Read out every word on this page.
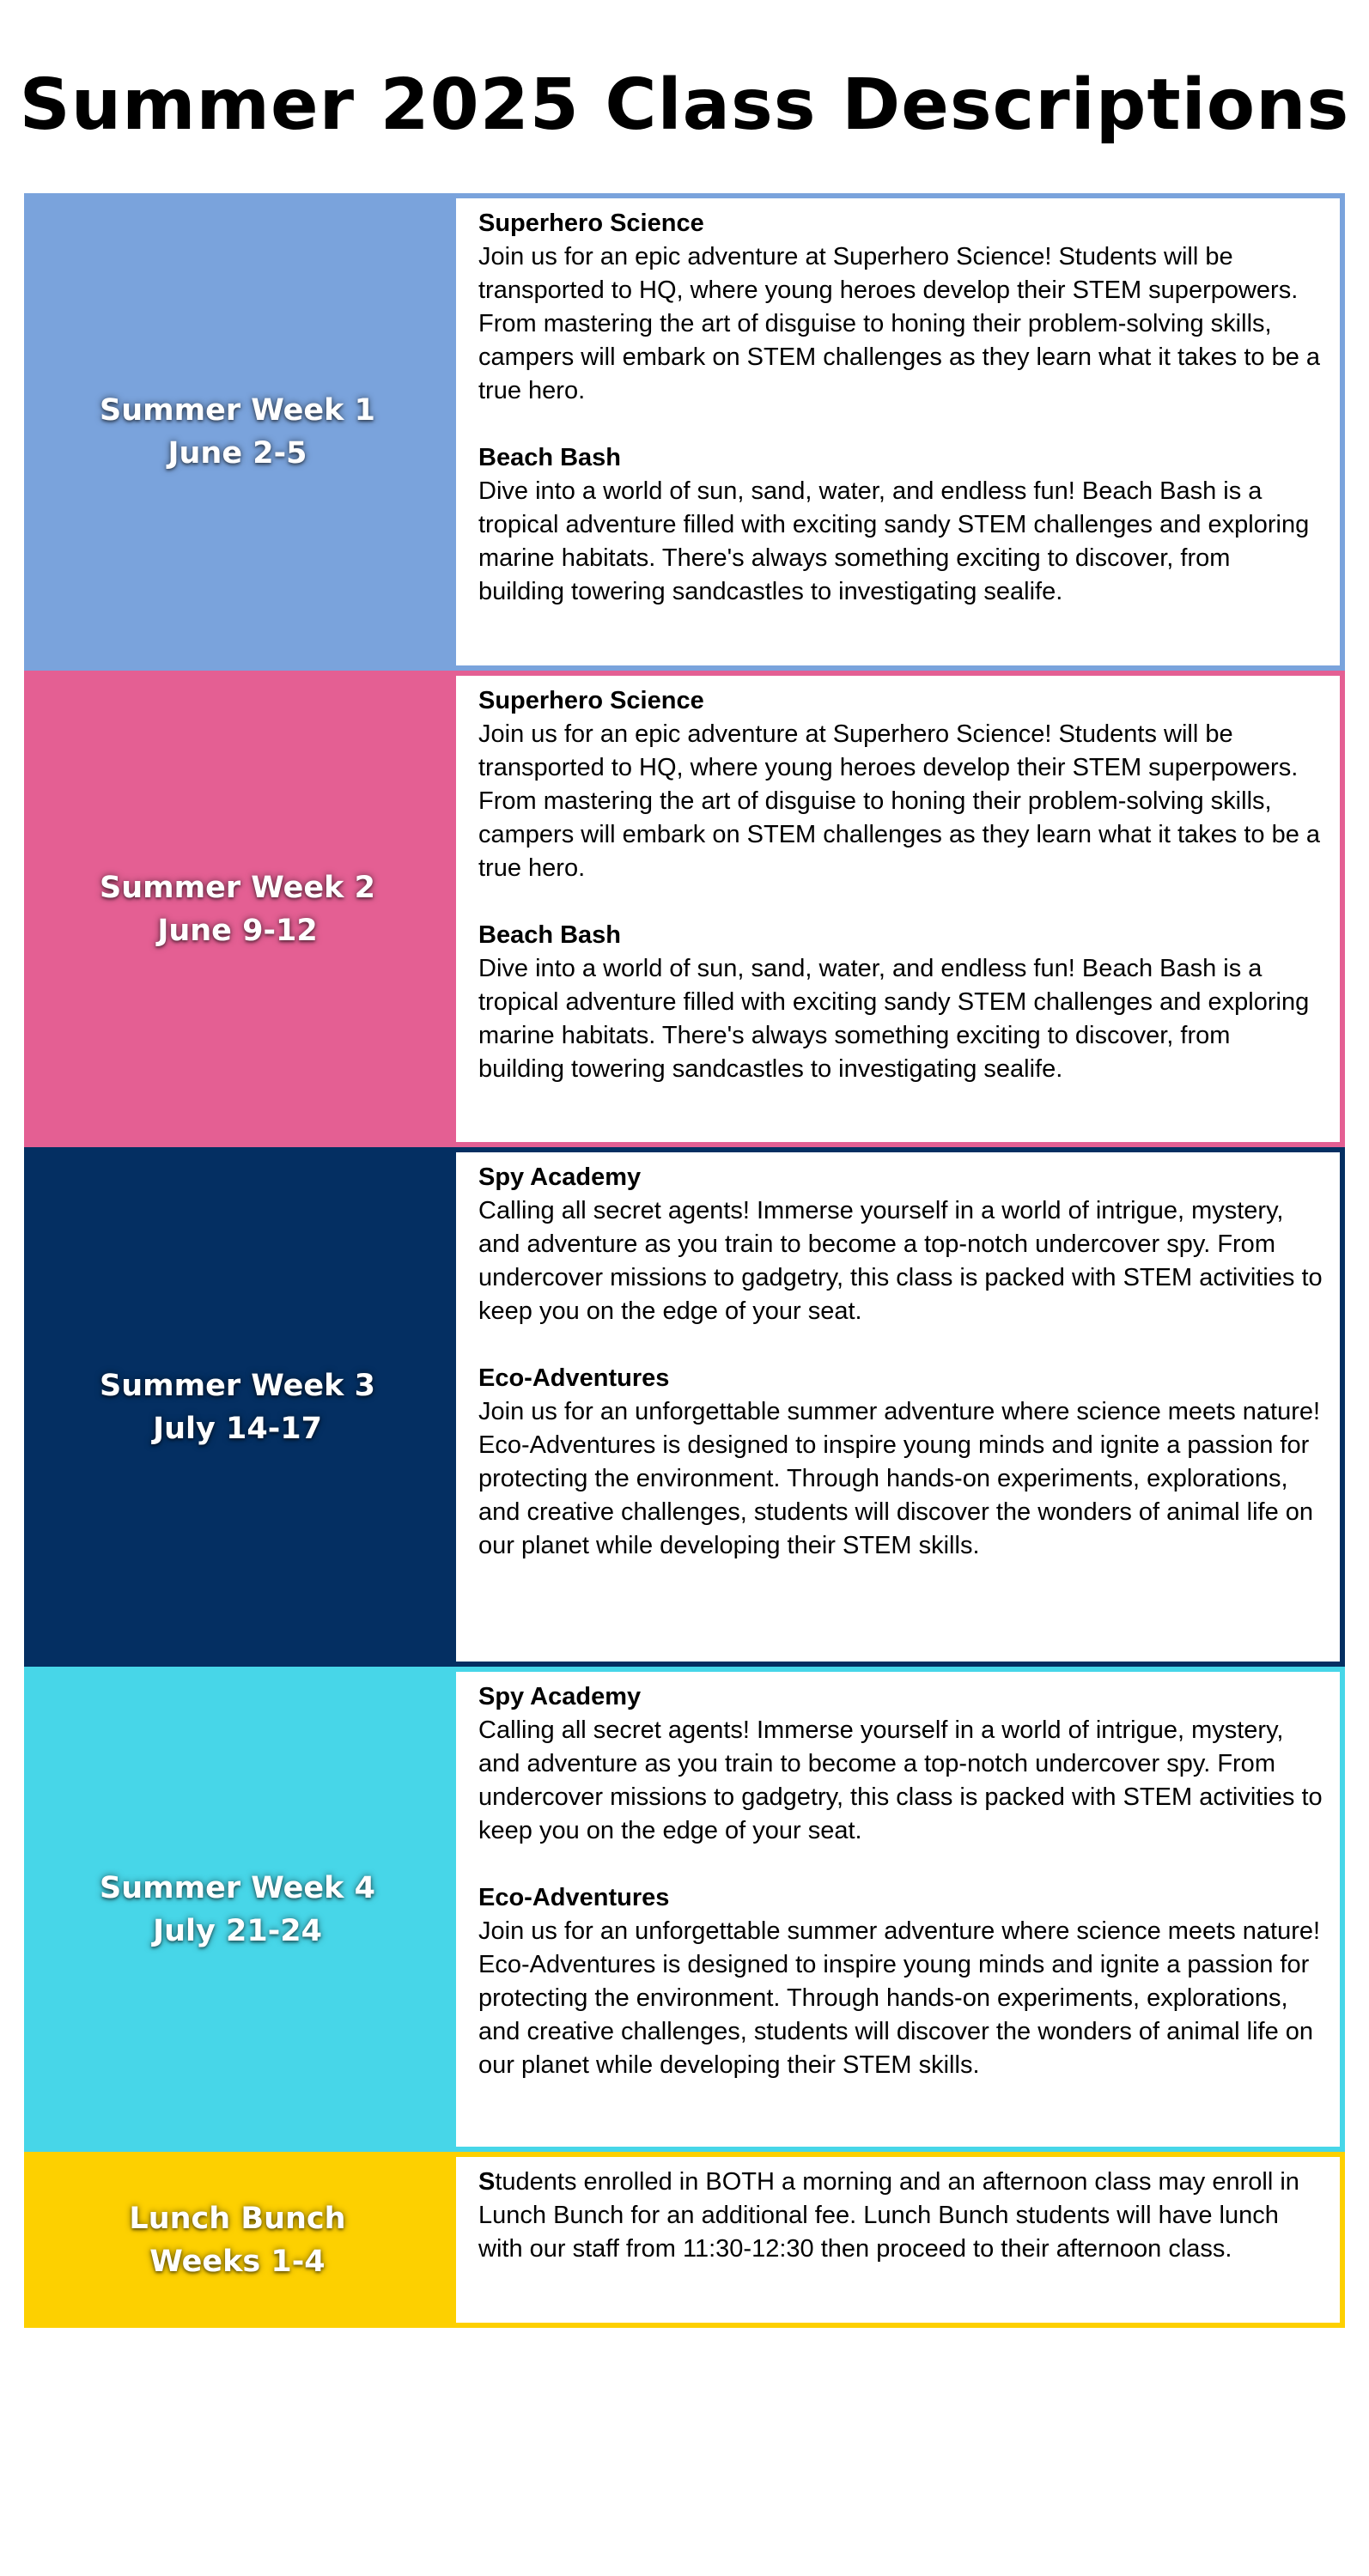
Summer 2025 Class Descriptions
Summer Week 1
June 2-5
Superhero Science
Join us for an epic adventure at Superhero Science! Students will be transported to HQ, where young heroes develop their STEM superpowers. From mastering the art of disguise to honing their problem-solving skills, campers will embark on STEM challenges as they learn what it takes to be a true hero.
Beach Bash
Dive into a world of sun, sand, water, and endless fun! Beach Bash is a tropical adventure filled with exciting sandy STEM challenges and exploring marine habitats. There's always something exciting to discover, from building towering sandcastles to investigating sealife.
Summer Week 2
June 9-12
Superhero Science
Join us for an epic adventure at Superhero Science! Students will be transported to HQ, where young heroes develop their STEM superpowers. From mastering the art of disguise to honing their problem-solving skills, campers will embark on STEM challenges as they learn what it takes to be a true hero.
Beach Bash
Dive into a world of sun, sand, water, and endless fun! Beach Bash is a tropical adventure filled with exciting sandy STEM challenges and exploring marine habitats. There's always something exciting to discover, from building towering sandcastles to investigating sealife.
Summer Week 3
July 14-17
Spy Academy
Calling all secret agents! Immerse yourself in a world of intrigue, mystery, and adventure as you train to become a top-notch undercover spy. From undercover missions to gadgetry, this class is packed with STEM activities to keep you on the edge of your seat.
Eco-Adventures
Join us for an unforgettable summer adventure where science meets nature! Eco-Adventures is designed to inspire young minds and ignite a passion for protecting the environment. Through hands-on experiments, explorations, and creative challenges, students will discover the wonders of animal life on our planet while developing their STEM skills.
Summer Week 4
July 21-24
Spy Academy
Calling all secret agents! Immerse yourself in a world of intrigue, mystery, and adventure as you train to become a top-notch undercover spy. From undercover missions to gadgetry, this class is packed with STEM activities to keep you on the edge of your seat.
Eco-Adventures
Join us for an unforgettable summer adventure where science meets nature! Eco-Adventures is designed to inspire young minds and ignite a passion for protecting the environment. Through hands-on experiments, explorations, and creative challenges, students will discover the wonders of animal life on our planet while developing their STEM skills.
Lunch Bunch
Weeks 1-4
Students enrolled in BOTH a morning and an afternoon class may enroll in Lunch Bunch for an additional fee. Lunch Bunch students will have lunch with our staff from 11:30-12:30 then proceed to their afternoon class.
